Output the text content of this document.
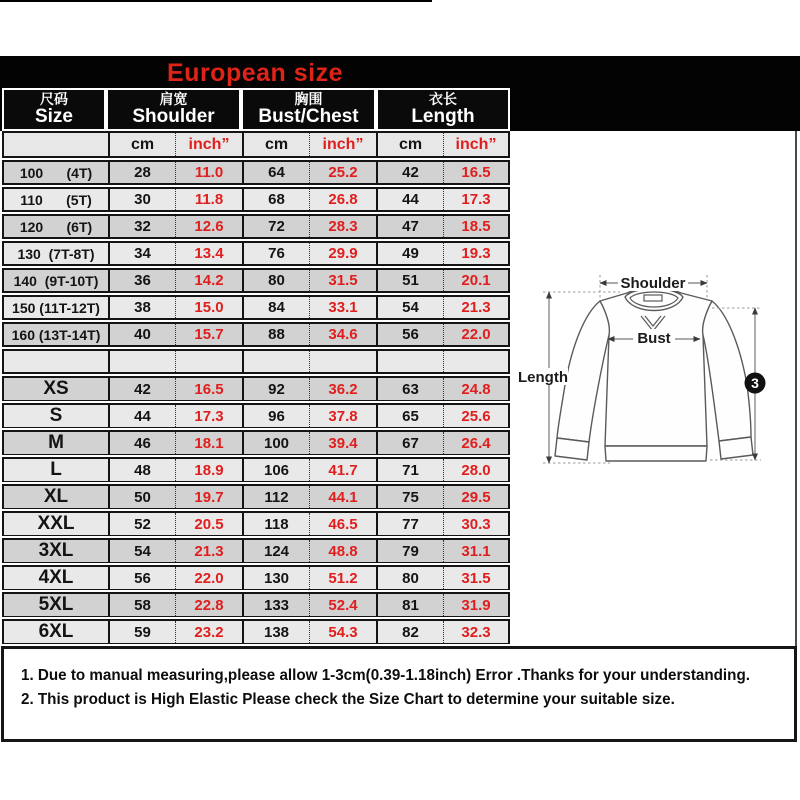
European size
尺码
Size
肩宽
Shoulder
胸围
Bust/Chest
衣长
Length
cm	inch”	cm	inch”	cm	inch”
100      (4T)	28	11.0	64	25.2	42	16.5
110      (5T)	30	11.8	68	26.8	44	17.3
120      (6T)	32	12.6	72	28.3	47	18.5
130  (7T-8T)	34	13.4	76	29.9	49	19.3
140  (9T-10T)	36	14.2	80	31.5	51	20.1
150 (11T-12T)	38	15.0	84	33.1	54	21.3
160 (13T-14T)	40	15.7	88	34.6	56	22.0
XS	42	16.5	92	36.2	63	24.8
S	44	17.3	96	37.8	65	25.6
M	46	18.1	100	39.4	67	26.4
L	48	18.9	106	41.7	71	28.0
XL	50	19.7	112	44.1	75	29.5
XXL	52	20.5	118	46.5	77	30.3
3XL	54	21.3	124	48.8	79	31.1
4XL	56	22.0	130	51.2	80	31.5
5XL	58	22.8	133	52.4	81	31.9
6XL	59	23.2	138	54.3	82	32.3
Shoulder
Bust
Length	3
1. Due to manual measuring,please allow 1-3cm(0.39-1.18inch) Error .Thanks for your understanding.
2. This product is High Elastic Please check the Size Chart to determine your suitable size.
